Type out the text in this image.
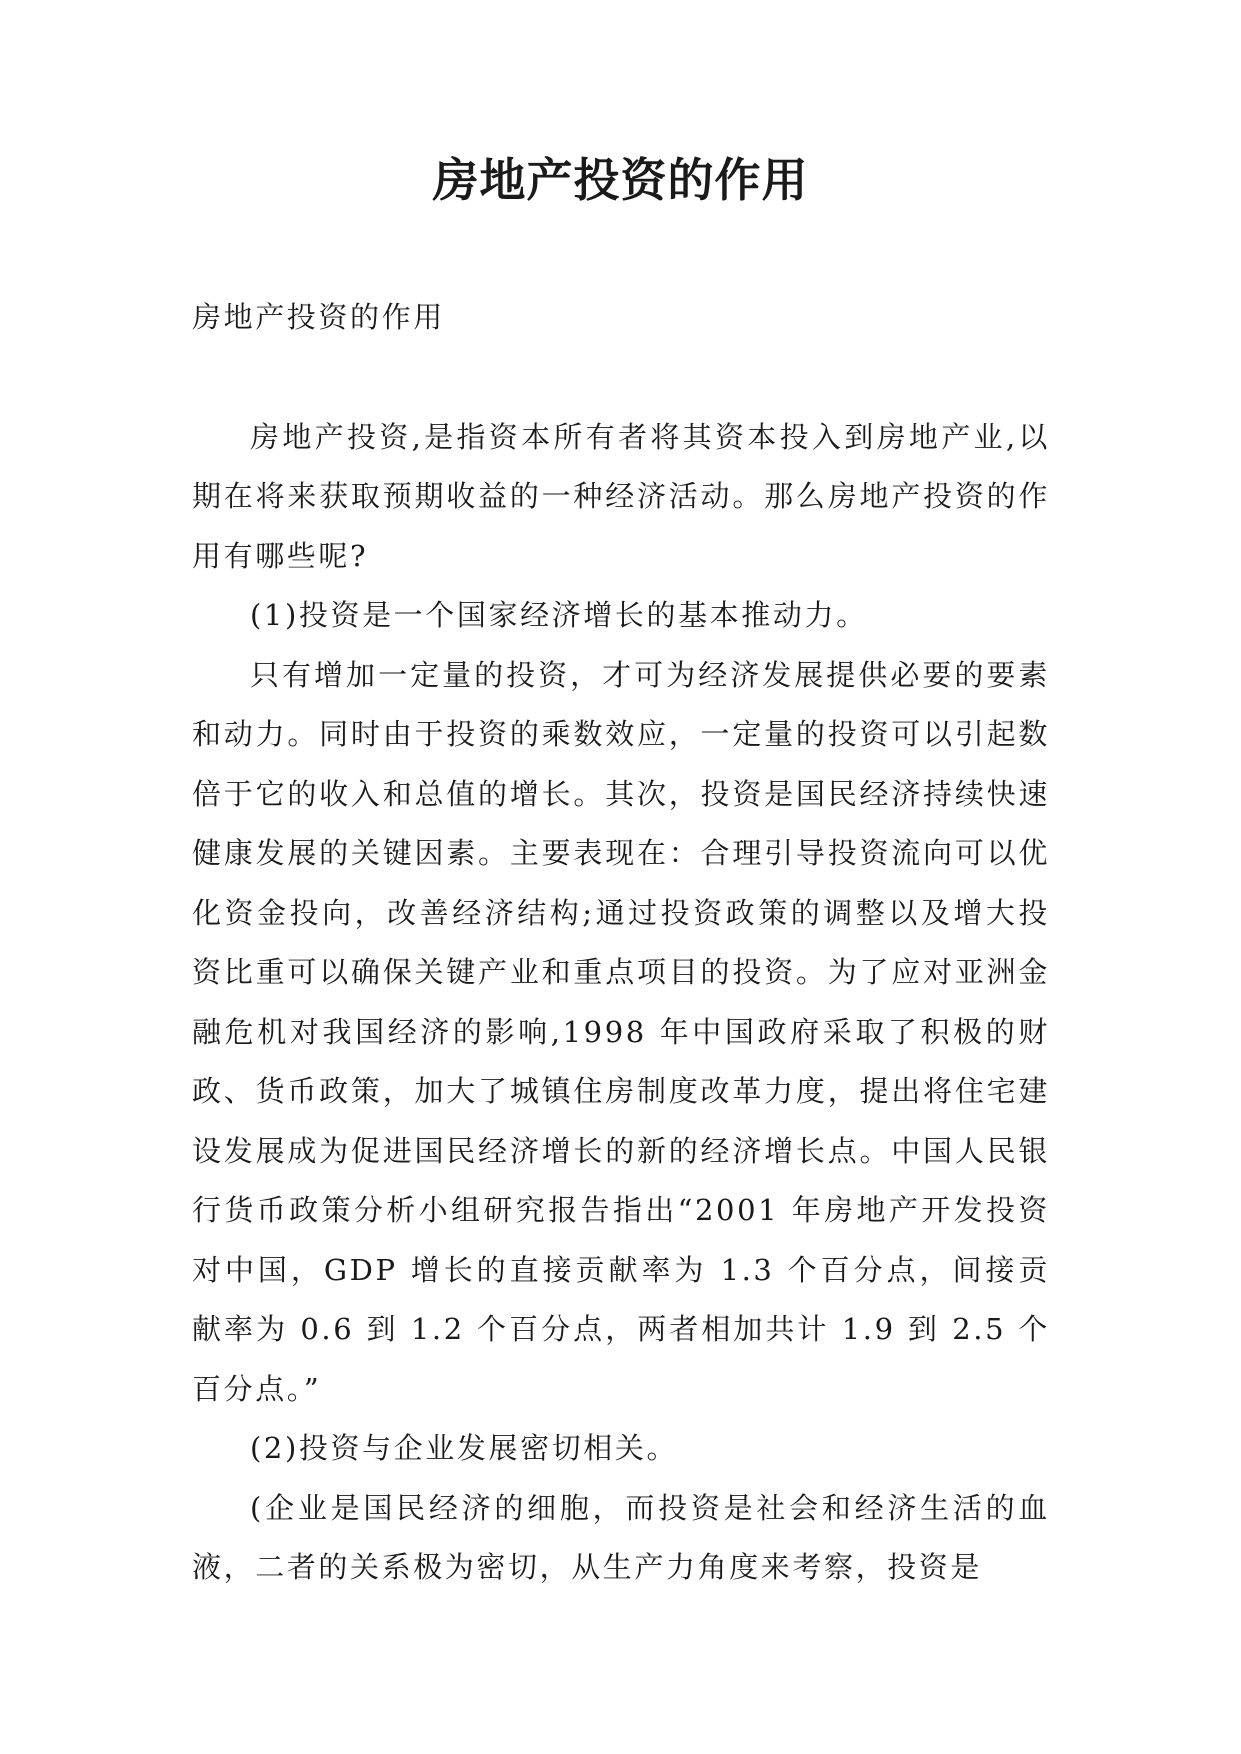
房地产投资的作用

房地产投资的作用

房地产投资,是指资本所有者将其资本投入到房地产业,以期在将来获取预期收益的一种经济活动。那么房地产投资的作用有哪些呢?

(1)投资是一个国家经济增长的基本推动力。

只有增加一定量的投资，才可为经济发展提供必要的要素和动力。同时由于投资的乘数效应，一定量的投资可以引起数倍于它的收入和总值的增长。其次，投资是国民经济持续快速健康发展的关键因素。主要表现在：合理引导投资流向可以优化资金投向，改善经济结构;通过投资政策的调整以及增大投资比重可以确保关键产业和重点项目的投资。为了应对亚洲金融危机对我国经济的影响,1998 年中国政府采取了积极的财政、货币政策，加大了城镇住房制度改革力度，提出将住宅建设发展成为促进国民经济增长的新的经济增长点。中国人民银行货币政策分析小组研究报告指出“2001 年房地产开发投资对中国，GDP 增长的直接贡献率为 1.3 个百分点，间接贡献率为 0.6 到 1.2 个百分点，两者相加共计 1.9 到 2.5 个百分点。”

(2)投资与企业发展密切相关。

(企业是国民经济的细胞，而投资是社会和经济生活的血液，二者的关系极为密切，从生产力角度来考察，投资是
